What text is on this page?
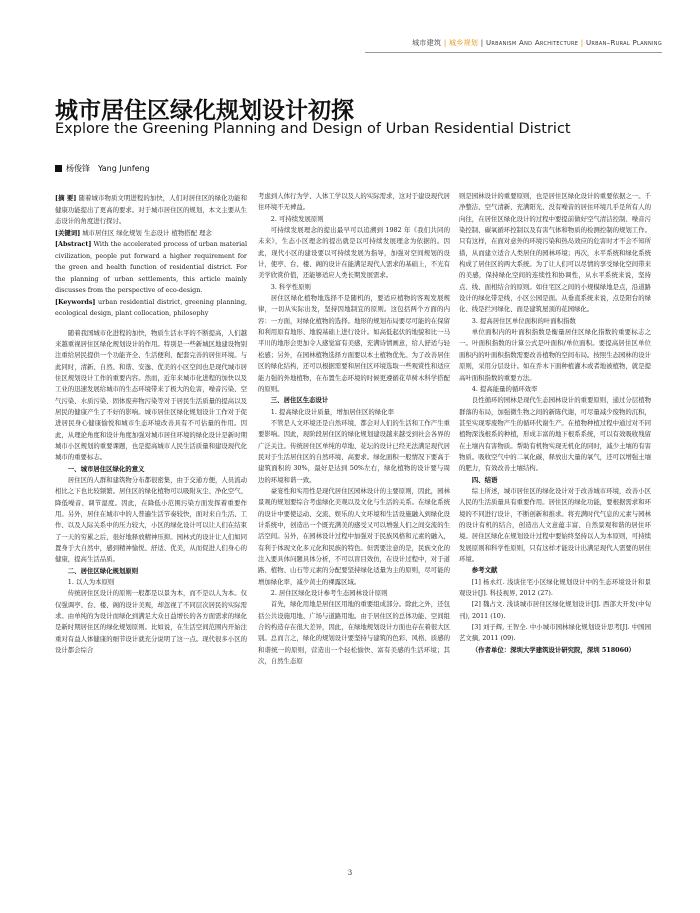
城市建筑 | 城乡规划 | Urbanism And Architecture | Urban–Rural Planning
城市居住区绿化规划设计初探
Explore the Greening Planning and Design of Urban Residential District
杨俊锋　Yang Junfeng

[摘 要] 随着城市物质文明进程的加快，人们对居住区的绿化功能和健康功能提出了更高的要求。对于城市居住区的规划，本文主要从生态设计的角度进行探讨。

[关键词] 城市居住区 绿化规划 生态设计 植物搭配 理念

[Abstract] With the accelerated process of urban material civilization, people put forward a higher requirement for the green and health function of residential district. For the planning of urban settlements, this article mainly discusses from the perspective of eco-design.

[Keywords] urban residential district, greening planning, ecological design, plant collocation, philosophy

随着我国城市化进程的加快，物质生活水平的不断提高，人们越来越重视居住区绿化规划设计的作用。特别是一些新城区地建设物别注重给居民提供一个功能齐全、生活便利、配套完善的居住环境。与此同时，清新、自然、和谐、安逸、优美的小区空间也是现代城市居住区规划设计工作的重要内容。然而，近年来城市化进程的加快以及工业的迅速发展给城市的生态环境带来了极大的危害，噪音污染、空气污染、水质污染、固体废弃物污染等对于居民生活质量的提高以及居民的健康产生了不好的影响。城市居住区绿化规划设计工作对于促进居民身心健康愉悦和城市生态环境改善具有不可估量的作用。因此，从理论角度和设计角度加强对城市居住环境的绿化设计是新时期城市小区规划的重要课题，也是提高城市人民生活质量和建设现代化城市的重要标志。

一、城市居住区绿化的意义

居住区的人群和建筑物分布都很密集，由于交通方便，人员流动相比之下也比较频繁。居住区的绿化植物可以吸附灰尘、净化空气、降低噪音、调节湿度。因此，在降低小范围污染方面发挥着重要作用。另外，居住在城市中的人普遍生活节奏较快，面对来自生活、工作、以及人际关系中的压力较大，小区的绿化设计可以让人们在结束了一天的穷累之后，很好地释放精神压抑。园林式的设计让人们如同置身于大自然中，感到精神愉悦、舒适、优美，从而促进人们身心的健康，提高生活品质。

二、居住区绿化规划原则

1. 以人为本原则

传统居住区设计的原则一般都是以景为本，而不是以人为本。仅仅强调亭、台、楼、阁的设计美观，却忽视了不同层次居民的实际需求。由单纯的为设计而绿化到满足大众日益增长的各方面需求的绿化是新时期居住区的绿化规划原则。比如说，在生活空间范围内开始注重对有益人体健康的细节设计就充分说明了这一点。现代很多小区的设计都会综合

考虑到人体行为学、人体工学以及人的实际需求，这对于建设现代居住环境不无裨益。

2. 可持续发展原则

可持续发展理念的提出最早可以追溯到 1982 年《我们共同的未来》，生态小区理念的提出就是以可持续发展理念为依据的。因此，现代小区的建设要以可持续发展为指导，加强对空间规划的设计，使亭、台、楼、阁的设计在能满足现代人需求的基础上，不光有美学欣赏价值，还能够适应人类长期发展需求。

3. 科学性原则

居住区绿化植物地选择不是随机的，要适应植物的客观发展规律，一切从实际出发，坚持因地制宜的原则。这包括两个方面的内容：一方面，对绿化植物的选择。地形的规划布局要尽可能的在保留和利用原有地形、地貌基础上进行设计。如高低起伏的地貌和比一马平川的地形会更加令人感觉富有美感，充满诗情画意，给人舒适与轻松感；另外，在园林植物选择方面要以本土植物优先。为了改善居住区的绿化结构，还可以根据需要和居住区环境选取一些观赏性和适应能力强的外地植物，在布置生态环境的时候更遵循花草树木科学搭配的原则。

三、居住区生态设计

1. 提高绿化设计质量，增加居住区的绿化率

不管是人文环境还是自然环境，都会对人们的生活和工作产生重要影响。因此，现阶段居住区的绿化规划建设越来越受到社会各界的广泛关注。传统居住区单纯的草地、花坛的设计已经无法满足现代居民对于生活居住区的自然环境、高要求。绿化面积一般情况下要高于建筑面积的 30%，最好是达到 50%左右，绿化植物的设计要与周边的环境和谐一致。

豪宴性和实用性是现代居住区园林设计的主要原则，因此，园林景观的规划要综合考虑绿化美观以及文化与生活的关系。在绿化系统的设计中要使运动、交流、娱乐的人文环境和生活设施融入到绿化设计系统中，创造出一个既充满美的感受又可以增强人们之间交流的生活空间。另外，在园林设计过程中加强对于民族风格和元素的融入，有利于体现文化多元化和民族的特色。但需要注意的是，民族文化的注入要具体问题具体分析，不可以盲目效仿，在设计过程中，对于道路、植物、山石等元素的分配要坚持绿化适量为主的原则，尽可能的增加绿化率，减少黄土的裸露区域。

2. 居住区绿化设计参考生态园林设计原则

首先，绿化用地是居住区用地的重要组成部分。除此之外，还包括公共设施用地、广场与道路用地。由于居住区的总体功能、空间组合的构造存在很大差异，因此，在绿地规划设计方面也存在着很大区别。总而言之，绿化的规划设计要坚持与建筑的色彩、风格、质感的和谐统一的原则，营造出一个轻松愉快、富有美感的生活环境；其次，自然生态原

则是园林设计的重要原则，也是居住区绿化设计的重要依据之一。千净整洁、空气清新、充满阳光、没有噪音的居住环境几乎是所有人的向往，在居住区绿化设计的过程中要提前做好空气清洁控制、噪音污染控制、碳氧循环控制以及有害气体和物质的检测控制的规划工作。只有这样，在面对意外的环境污染和热岛效应的危害时才不会不知所措，从而建立适合人类居住的园林环境；再次，水平系统和绿化系统构成了居住区的两大系统。为了让人们可以尽情的享受绿化空间带来的美感，保持绿化空间的连续性和协调性，从水平系统来说，坚持点、线、面相结合的原则。如住宅区之间的小规模绿地是点，沿道路设计的绿化带是线，小区公园是面。从垂直系统来说，点是阳台的绿化、线是拦河绿化、面是建筑屋顶的花园绿化。

3. 提高居住区单位面积的叶面积指数

单位面积内的叶面积指数是衡量居住区绿化指数的重要标志之一。叶面积指数的计算公式是叶面积/单位面积。要提高居住区单位面积内的叶面积指数需要改善植物的空间布局。按照生态园林的设计原则，采用分层设计。如在乔木下面种植灌木或者地被植物，就是提高叶面积指数的重要方法。

4. 提高能量的循环效率

良性循环的园林是现代生态园林设计的重要原则，通过分层植物群落的布局，加强微生物之间的新陈代谢，可尽量减少废物的沉积，甚至实现零废物产生的循环代谢生产。在植物种植过程中通过对不同植物深浅根系的种植，形成丰富的地下根系系统，可以有效吸收残留在土壤内有害物质。帮助有机物实现无机化的同时，减少土壤的有害物质。吸收空气中的二氧化碳，释放出大量的氧气，还可以增强土壤的肥力，有效改善土壤结构。

四、结语

综上所述，城市居住区的绿化设计对于改善城市环境，改善小区人民的生活质量具有重要作用。居住区的绿化功能，要根据需求和环境的不同进行设计，不断创新和推求。将充满时代气息的元素与园林的设计有机的结合，创造出人文意蕴丰富、自然景观和谐的居住环境。居住区绿化在规划设计过程中要始终坚持以人为本原则，可持续发展原则和科学性原则，只有这样才能设计出满足现代人需要的居住环境。

参考文献

[1] 杨永红. 浅谈住宅小区绿化规划设计中的生态环境设计和景观设计[J]. 科技视界, 2012 (27).

[2] 魏占文. 浅谈城市居住区绿化规划设计[J]. 西部大开发(中旬刊), 2011 (10).

[3] 刘子辉, 王智全. 中小城市园林绿化规划设计思考[J]. 中国园艺文摘, 2011 (09).

（作者单位：深圳大学建筑设计研究院，深圳 518060）

3
